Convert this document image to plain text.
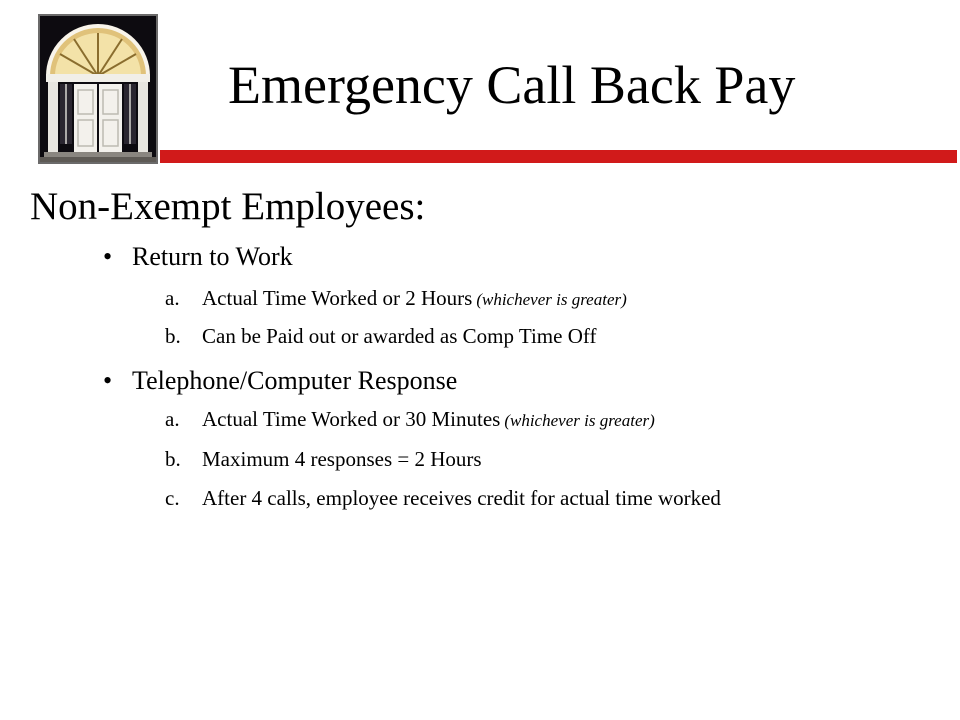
Emergency Call Back Pay
Non-Exempt Employees:
• Return to Work
a.	Actual Time Worked or 2 Hours (whichever is greater)
b.	Can be Paid out or awarded as Comp Time Off
• Telephone/Computer Response
a.	Actual Time Worked or 30 Minutes (whichever is greater)
b.	Maximum 4 responses = 2 Hours
c.	After 4 calls, employee receives credit for actual time worked
